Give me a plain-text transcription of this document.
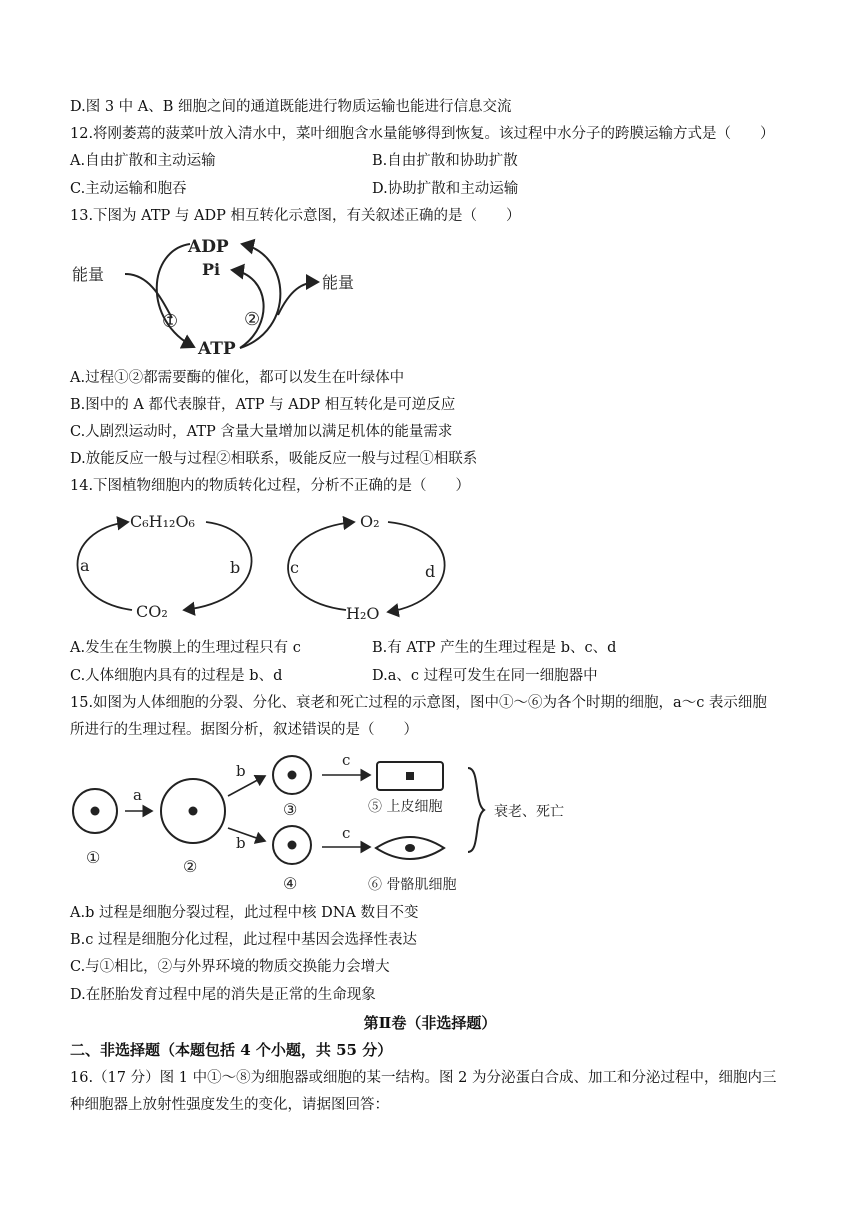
D.图 3 中 A、B 细胞之间的通道既能进行物质运输也能进行信息交流
12.将刚萎蔫的菠菜叶放入清水中，菜叶细胞含水量能够得到恢复。该过程中水分子的跨膜运输方式是（　　）
A.自由扩散和主动运输	B.自由扩散和协助扩散
C.主动运输和胞吞	D.协助扩散和主动运输
13.下图为 ATP 与 ADP 相互转化示意图，有关叙述正确的是（　　）
ADP
Pi
ATP
能量	能量
①	②
A.过程①②都需要酶的催化，都可以发生在叶绿体中
B.图中的 A 都代表腺苷，ATP 与 ADP 相互转化是可逆反应
C.人剧烈运动时，ATP 含量大量增加以满足机体的能量需求
D.放能反应一般与过程②相联系，吸能反应一般与过程①相联系
14.下图植物细胞内的物质转化过程，分析不正确的是（　　）
C₆H₁₂O₆
CO₂
a	b
O₂
H₂O
c	d
A.发生在生物膜上的生理过程只有 c	B.有 ATP 产生的生理过程是 b、c、d
C.人体细胞内具有的过程是 b、d	D.a、c 过程可发生在同一细胞器中
15.如图为人体细胞的分裂、分化、衰老和死亡过程的示意图，图中①～⑥为各个时期的细胞，a～c 表示细胞
所进行的生理过程。据图分析，叙述错误的是（　　）
①
a
②
b
b
③
④
c
c
⑤ 上皮细胞
⑥ 骨骼肌细胞
衰老、死亡
A.b 过程是细胞分裂过程，此过程中核 DNA 数目不变
B.c 过程是细胞分化过程，此过程中基因会选择性表达
C.与①相比，②与外界环境的物质交换能力会增大
D.在胚胎发育过程中尾的消失是正常的生命现象
第Ⅱ卷（非选择题）
二、非选择题（本题包括 4 个小题，共 55 分）
16.（17 分）图 1 中①～⑧为细胞器或细胞的某一结构。图 2 为分泌蛋白合成、加工和分泌过程中，细胞内三
种细胞器上放射性强度发生的变化，请据图回答：
